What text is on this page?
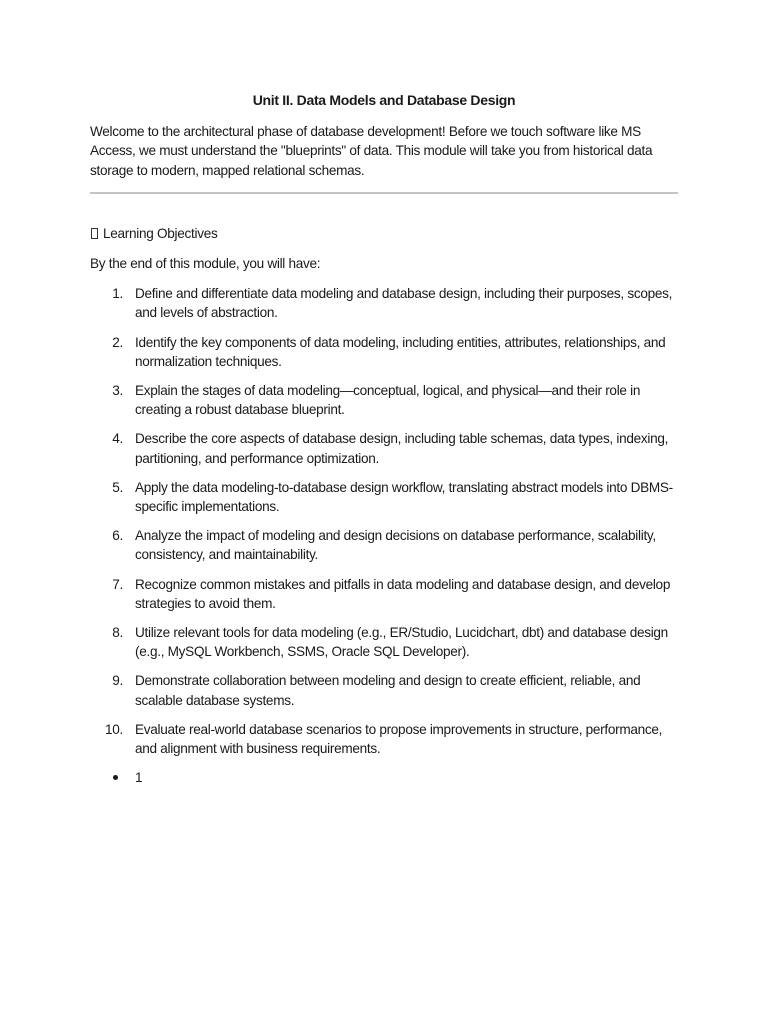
Unit II. Data Models and Database Design

Welcome to the architectural phase of database development! Before we touch software like MS Access, we must understand the "blueprints" of data. This module will take you from historical data storage to modern, mapped relational schemas.

Learning Objectives

By the end of this module, you will have:

1. Define and differentiate data modeling and database design, including their purposes, scopes, and levels of abstraction.
2. Identify the key components of data modeling, including entities, attributes, relationships, and normalization techniques.
3. Explain the stages of data modeling—conceptual, logical, and physical—and their role in creating a robust database blueprint.
4. Describe the core aspects of database design, including table schemas, data types, indexing, partitioning, and performance optimization.
5. Apply the data modeling-to-database design workflow, translating abstract models into DBMS-specific implementations.
6. Analyze the impact of modeling and design decisions on database performance, scalability, consistency, and maintainability.
7. Recognize common mistakes and pitfalls in data modeling and database design, and develop strategies to avoid them.
8. Utilize relevant tools for data modeling (e.g., ER/Studio, Lucidchart, dbt) and database design (e.g., MySQL Workbench, SSMS, Oracle SQL Developer).
9. Demonstrate collaboration between modeling and design to create efficient, reliable, and scalable database systems.
10. Evaluate real-world database scenarios to propose improvements in structure, performance, and alignment with business requirements.
1
